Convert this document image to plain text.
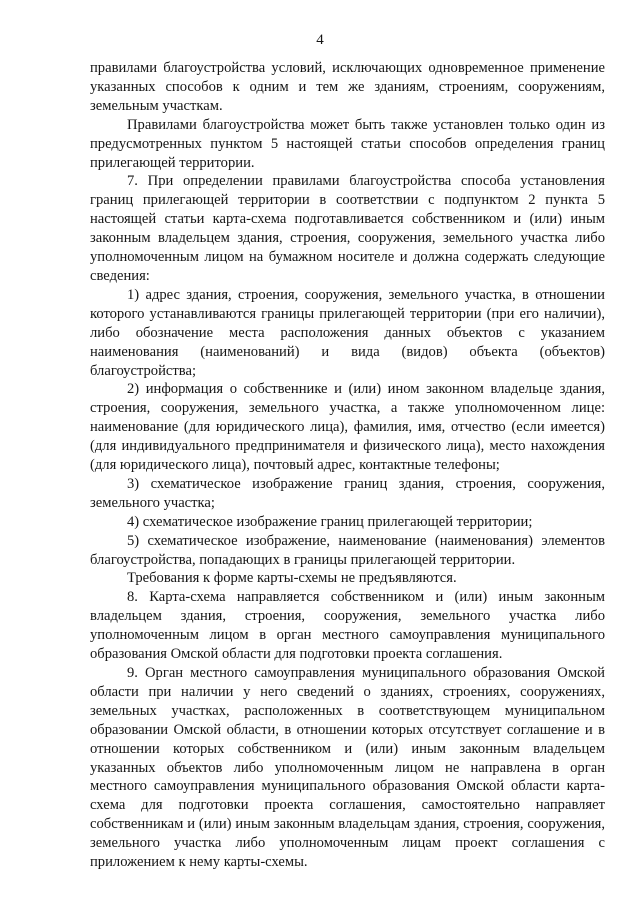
4

правилами благоустройства условий, исключающих одновременное применение указанных способов к одним и тем же зданиям, строениям, сооружениям, земельным участкам.

Правилами благоустройства может быть также установлен только один из предусмотренных пунктом 5 настоящей статьи способов определения границ прилегающей территории.

7. При определении правилами благоустройства способа установления границ прилегающей территории в соответствии с подпунктом 2 пункта 5 настоящей статьи карта-схема подготавливается собственником и (или) иным законным владельцем здания, строения, сооружения, земельного участка либо уполномоченным лицом на бумажном носителе и должна содержать следующие сведения:

1) адрес здания, строения, сооружения, земельного участка, в отношении которого устанавливаются границы прилегающей территории (при его наличии), либо обозначение места расположения данных объектов с указанием наименования (наименований) и вида (видов) объекта (объектов) благоустройства;

2) информация о собственнике и (или) ином законном владельце здания, строения, сооружения, земельного участка, а также уполномоченном лице: наименование (для юридического лица), фамилия, имя, отчество (если имеется) (для индивидуального предпринимателя и физического лица), место нахождения (для юридического лица), почтовый адрес, контактные телефоны;

3) схематическое изображение границ здания, строения, сооружения, земельного участка;

4) схематическое изображение границ прилегающей территории;

5) схематическое изображение, наименование (наименования) элементов благоустройства, попадающих в границы прилегающей территории.

Требования к форме карты-схемы не предъявляются.

8. Карта-схема направляется собственником и (или) иным законным владельцем здания, строения, сооружения, земельного участка либо уполномоченным лицом в орган местного самоуправления муниципального образования Омской области для подготовки проекта соглашения.

9. Орган местного самоуправления муниципального образования Омской области при наличии у него сведений о зданиях, строениях, сооружениях, земельных участках, расположенных в соответствующем муниципальном образовании Омской области, в отношении которых отсутствует соглашение и в отношении которых собственником и (или) иным законным владельцем указанных объектов либо уполномоченным лицом не направлена в орган местного самоуправления муниципального образования Омской области карта-схема для подготовки проекта соглашения, самостоятельно направляет собственникам и (или) иным законным владельцам здания, строения, сооружения, земельного участка либо уполномоченным лицам проект соглашения с приложением к нему карты-схемы.
